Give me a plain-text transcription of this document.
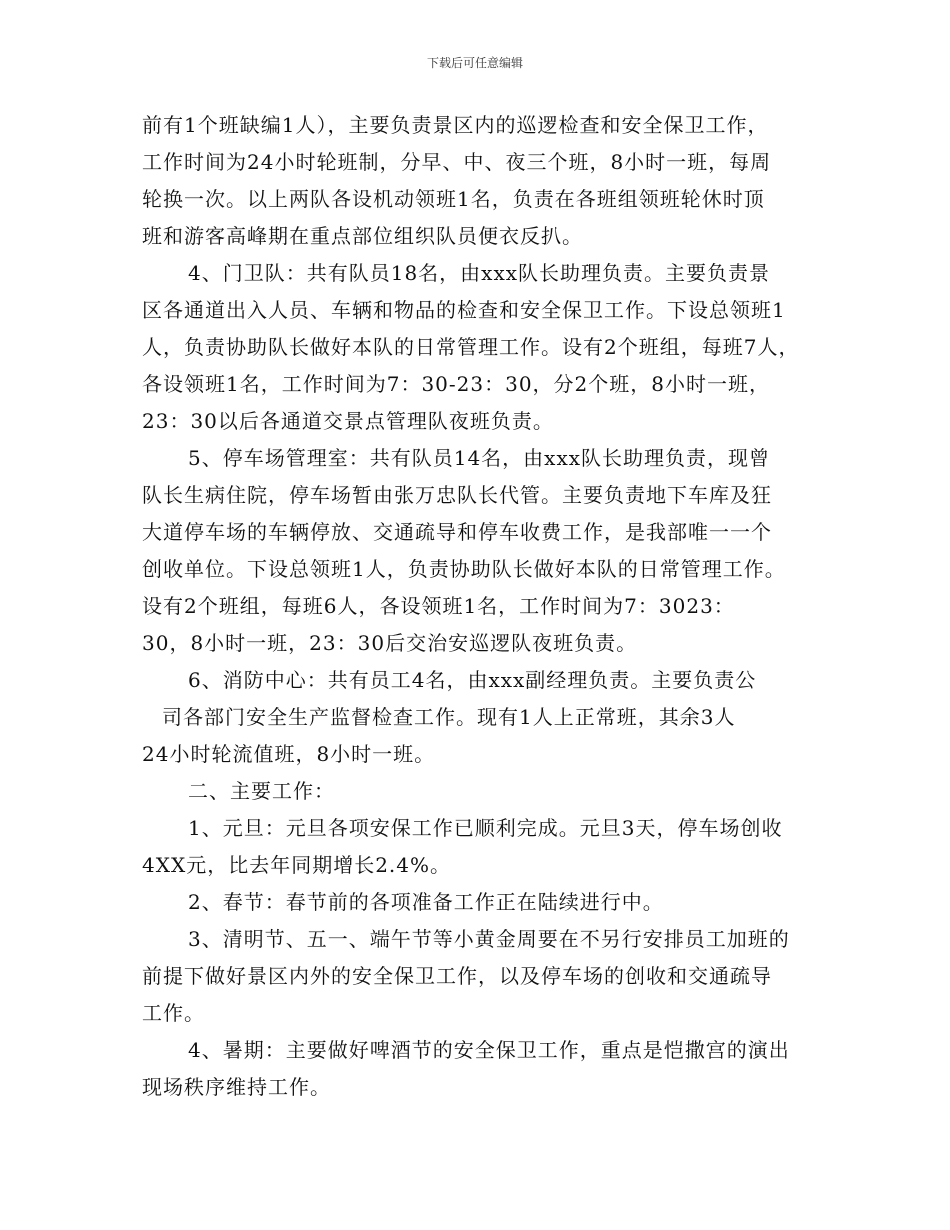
下载后可任意编辑
前有1个班缺编1人），主要负责景区内的巡逻检查和安全保卫工作，
工作时间为24小时轮班制，分早、中、夜三个班，8小时一班，每周
轮换一次。以上两队各设机动领班1名，负责在各班组领班轮休时顶
班和游客高峰期在重点部位组织队员便衣反扒。
4、门卫队：共有队员18名，由xxx队长助理负责。主要负责景
区各通道出入人员、车辆和物品的检查和安全保卫工作。下设总领班1
人，负责协助队长做好本队的日常管理工作。设有2个班组，每班7人，
各设领班1名，工作时间为7：30-23：30，分2个班，8小时一班，
23：30以后各通道交景点管理队夜班负责。
5、停车场管理室：共有队员14名，由xxx队长助理负责，现曾
队长生病住院，停车场暂由张万忠队长代管。主要负责地下车库及狂
大道停车场的车辆停放、交通疏导和停车收费工作，是我部唯一一个
创收单位。下设总领班1人，负责协助队长做好本队的日常管理工作。
设有2个班组，每班6人，各设领班1名，工作时间为7：3023：
30，8小时一班，23：30后交治安巡逻队夜班负责。
6、消防中心：共有员工4名，由xxx副经理负责。主要负责公
司各部门安全生产监督检查工作。现有1人上正常班，其余3人
24小时轮流值班，8小时一班。
二、主要工作：
1、元旦：元旦各项安保工作已顺利完成。元旦3天，停车场创收
4XX元，比去年同期增长2.4%。
2、春节：春节前的各项准备工作正在陆续进行中。
3、清明节、五一、端午节等小黄金周要在不另行安排员工加班的
前提下做好景区内外的安全保卫工作，以及停车场的创收和交通疏导
工作。
4、暑期：主要做好啤酒节的安全保卫工作，重点是恺撒宫的演出
现场秩序维持工作。
